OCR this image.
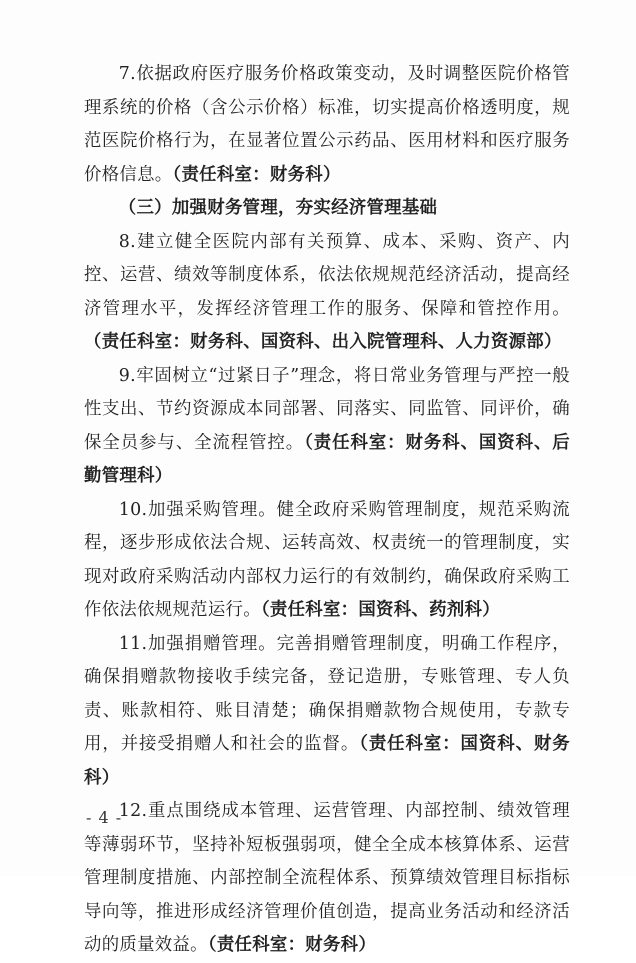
7.依据政府医疗服务价格政策变动，及时调整医院价格管理系统的价格（含公示价格）标准，切实提高价格透明度，规范医院价格行为，在显著位置公示药品、医用材料和医疗服务价格信息。（责任科室：财务科）

（三）加强财务管理，夯实经济管理基础

8.建立健全医院内部有关预算、成本、采购、资产、内控、运营、绩效等制度体系，依法依规规范经济活动，提高经济管理水平，发挥经济管理工作的服务、保障和管控作用。（责任科室：财务科、国资科、出入院管理科、人力资源部）

9.牢固树立“过紧日子”理念，将日常业务管理与严控一般性支出、节约资源成本同部署、同落实、同监管、同评价，确保全员参与、全流程管控。（责任科室：财务科、国资科、后勤管理科）

10.加强采购管理。健全政府采购管理制度，规范采购流程，逐步形成依法合规、运转高效、权责统一的管理制度，实现对政府采购活动内部权力运行的有效制约，确保政府采购工作依法依规规范运行。（责任科室：国资科、药剂科）

11.加强捐赠管理。完善捐赠管理制度，明确工作程序，确保捐赠款物接收手续完备，登记造册，专账管理、专人负责、账款相符、账目清楚；确保捐赠款物合规使用，专款专用，并接受捐赠人和社会的监督。（责任科室：国资科、财务科）

12.重点围绕成本管理、运营管理、内部控制、绩效管理等薄弱环节，坚持补短板强弱项，健全全成本核算体系、运营管理制度措施、内部控制全流程体系、预算绩效管理目标指标导向等，推进形成经济管理价值创造，提高业务活动和经济活动的质量效益。（责任科室：财务科）

- 4 -
